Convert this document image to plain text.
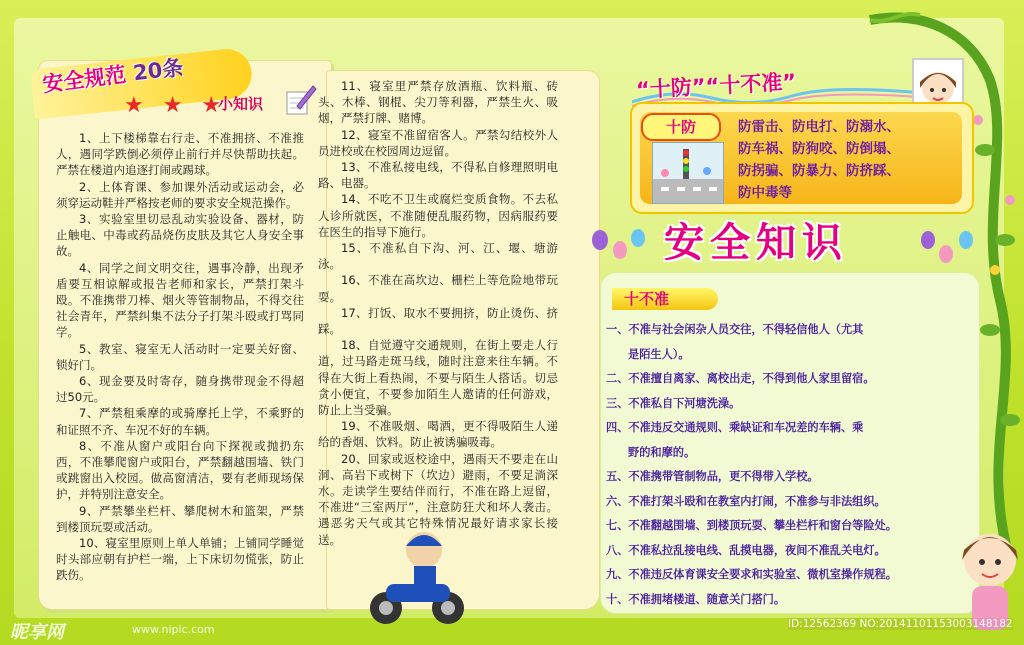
安全规范 20条
★ ★ ★
小知识

1、上下楼梯靠右行走、不准拥挤、不准推人，遇同学跌倒必须停止前行并尽快帮助扶起。严禁在楼道内追逐打闹或踢球。

2、上体育课、参加课外活动或运动会，必须穿运动鞋并严格按老师的要求安全规范操作。

3、实验室里切忌乱动实验设备、器材，防止触电、中毒或药品烧伤皮肤及其它人身安全事故。

4、同学之间文明交往，遇事冷静，出现矛盾要互相谅解或报告老师和家长，严禁打架斗殴。不准携带刀棒、烟火等管制物品，不得交往社会青年，严禁纠集不法分子打架斗殴或打骂同学。

5、教室、寝室无人活动时一定要关好窗、锁好门。

6、现金要及时寄存，随身携带现金不得超过50元。

7、严禁租乘摩的或骑摩托上学，不乘野的和证照不齐、车况不好的车辆。

8、不准从窗户或阳台向下探视或抛扔东西，不准攀爬窗户或阳台，严禁翻越围墙、铁门或跳窗出入校园。做高窗清洁，要有老师现场保护，并特别注意安全。

9、严禁攀坐栏杆、攀爬树木和篮架，严禁到楼顶玩耍或活动。

10、寝室里原则上单人单铺；上铺同学睡觉时头部应朝有护栏一端，上下床切勿慌张，防止跌伤。

11、寝室里严禁存放酒瓶、饮料瓶、砖头、木棒、钢棍、尖刀等利器，严禁生火、吸烟，严禁打牌、赌博。

12、寝室不准留宿客人。严禁勾结校外人员进校或在校园周边逗留。

13、不准私接电线，不得私自修理照明电路、电器。

14、不吃不卫生或腐烂变质食物。不去私人诊所就医，不准随便乱服药物，因病服药要在医生的指导下施行。

15、不准私自下沟、河、江、堰、塘游泳。

16、不准在高坎边、栅栏上等危险地带玩耍。

17、打饭、取水不要拥挤，防止烫伤、挤踩。

18、自觉遵守交通规则，在街上要走人行道，过马路走斑马线，随时注意来往车辆。不得在大街上看热闹，不要与陌生人搭话。切忌贪小便宜，不要参加陌生人邀请的任何游戏，防止上当受骗。

19、不准吸烟、喝酒，更不得吸陌生人递给的香烟、饮料。防止被诱骗吸毒。

20、回家或返校途中，遇雨天不要走在山洞、高岩下或树下（坎边）避雨，不要足淌深水。走读学生要结伴而行，不准在路上逗留，不准进“三室两厅”，注意防狂犬和坏人袭击。遇恶劣天气或其它特殊情况最好请求家长接送。

“十防”“十不准”
十防	防雷击、防电打、防溺水、
防车祸、防狗咬、防倒塌、
防拐骗、防暴力、防挤踩、
防中毒等
安全知识
十不准
一、不准与社会闲杂人员交往，不得轻信他人（尤其
是陌生人）。
二、不准擅自离家、离校出走，不得到他人家里留宿。
三、不准私自下河塘洗澡。
四、不准违反交通规则、乘缺证和车况差的车辆、乘
野的和摩的。
五、不准携带管制物品，更不得带入学校。
六、不准打架斗殴和在教室内打闹，不准参与非法组织。
七、不准翻越围墙、到楼顶玩耍、攀坐栏杆和窗台等险处。
八、不准私拉乱接电线、乱摸电器，夜间不准乱关电灯。
九、不准违反体育课安全要求和实验室、微机室操作规程。
十、不准拥堵楼道、随意关门搭门。
昵享网	www.nipic.com	ID:12562369 NO:20141101153003148182
